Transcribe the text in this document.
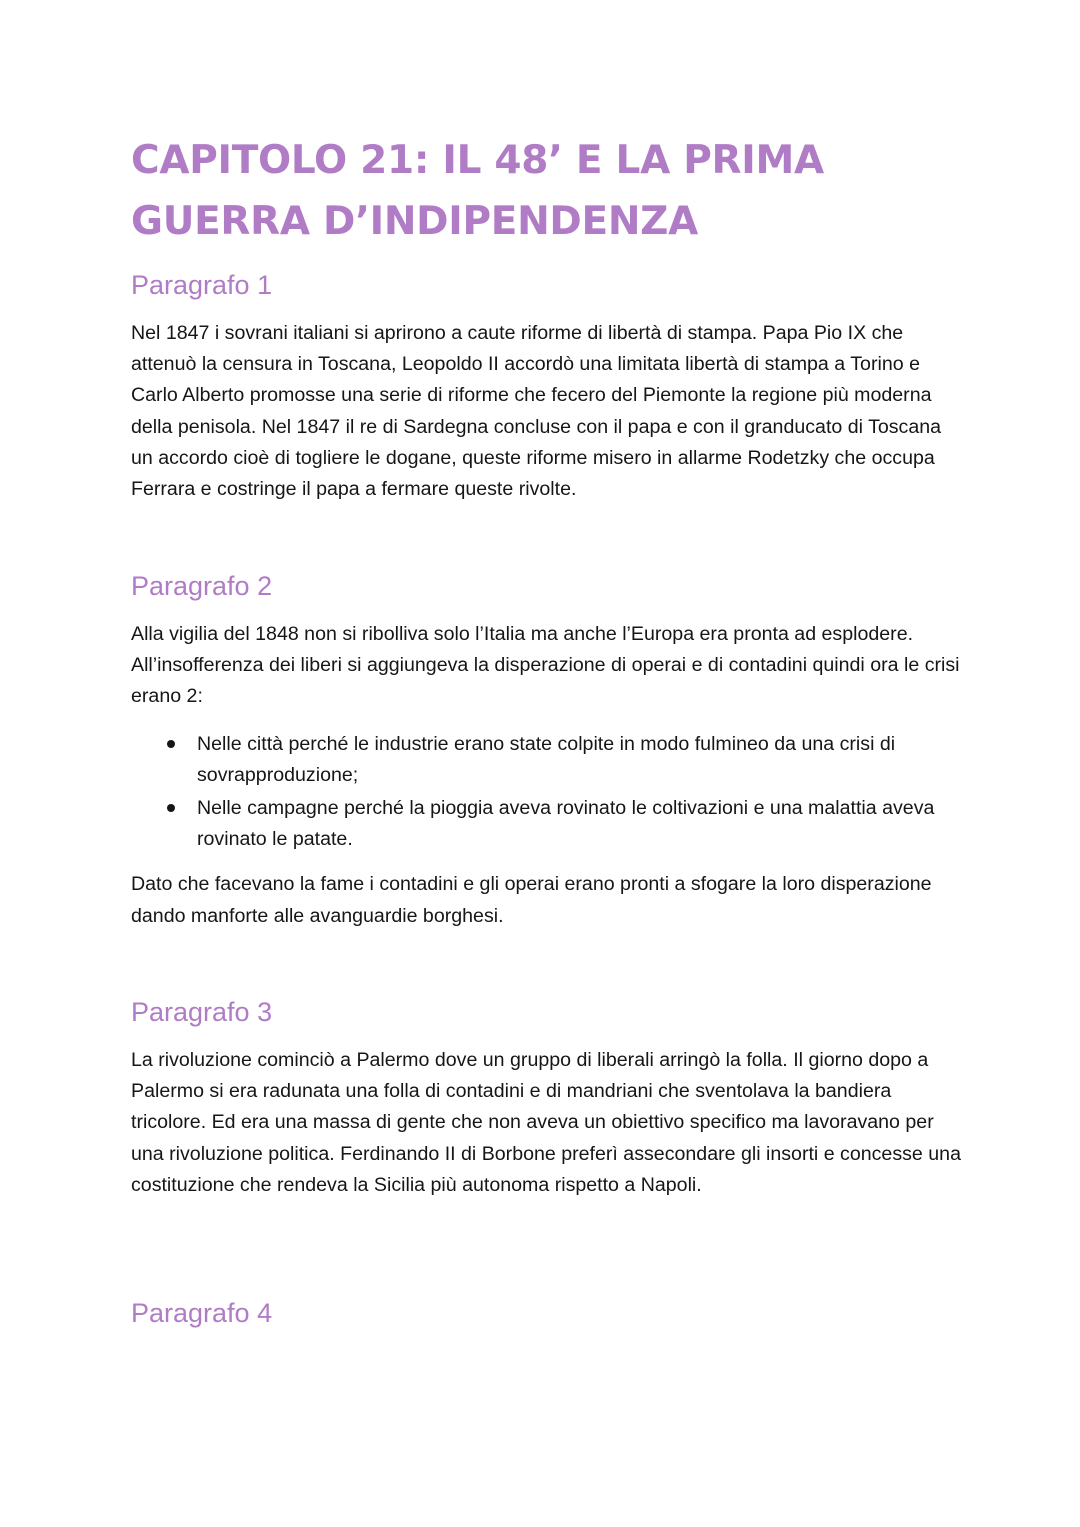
CAPITOLO 21: IL 48’ E LA PRIMA GUERRA D’INDIPENDENZA
Paragrafo 1

Nel 1847 i sovrani italiani si aprirono a caute riforme di libertà di stampa. Papa Pio IX che attenuò la censura in Toscana, Leopoldo II accordò una limitata libertà di stampa a Torino e Carlo Alberto promosse una serie di riforme che fecero del Piemonte la regione più moderna della penisola. Nel 1847 il re di Sardegna concluse con il papa e con il granducato di Toscana un accordo cioè di togliere le dogane, queste riforme misero in allarme Rodetzky che occupa Ferrara e costringe il papa a fermare queste rivolte.

Paragrafo 2

Alla vigilia del 1848 non si ribolliva solo l’Italia ma anche l’Europa era pronta ad esplodere. All’insofferenza dei liberi si aggiungeva la disperazione di operai e di contadini quindi ora le crisi erano 2:

Nelle città perché le industrie erano state colpite in modo fulmineo da una crisi di sovrapproduzione;
Nelle campagne perché la pioggia aveva rovinato le coltivazioni e una malattia aveva rovinato le patate.

Dato che facevano la fame i contadini e gli operai erano pronti a sfogare la loro disperazione dando manforte alle avanguardie borghesi.

Paragrafo 3

La rivoluzione cominciò a Palermo dove un gruppo di liberali arringò la folla. Il giorno dopo a Palermo si era radunata una folla di contadini e di mandriani che sventolava la bandiera tricolore. Ed era una massa di gente che non aveva un obiettivo specifico ma lavoravano per una rivoluzione politica. Ferdinando II di Borbone preferì assecondare gli insorti e concesse una costituzione che rendeva la Sicilia più autonoma rispetto a Napoli.

Paragrafo 4
